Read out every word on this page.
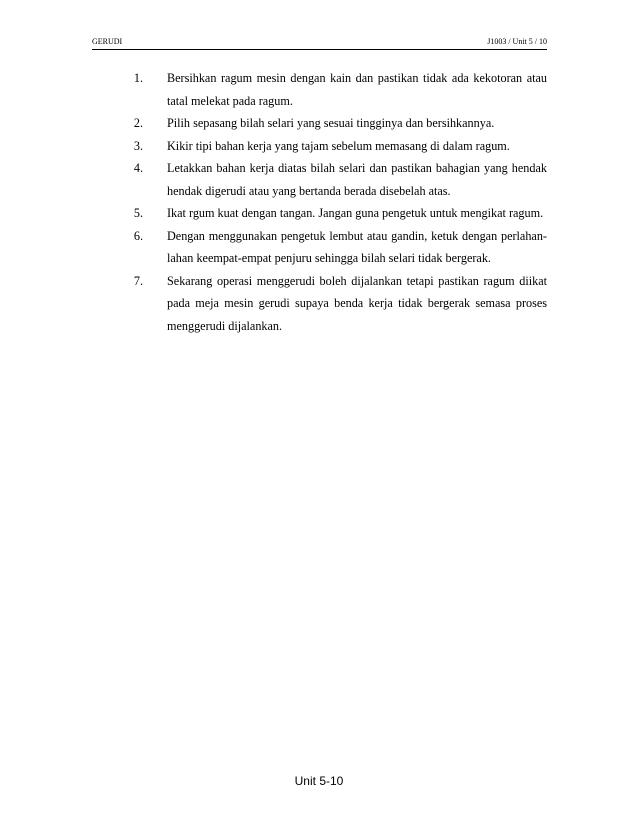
GERUDI	J1003 / Unit 5 / 10
1.	Bersihkan ragum mesin dengan kain dan pastikan tidak ada kekotoran atau tatal melekat pada ragum.
2.	Pilih sepasang bilah selari yang sesuai tingginya dan bersihkannya.
3.	Kikir tipi bahan kerja yang tajam sebelum memasang di dalam ragum.
4.	Letakkan bahan kerja diatas bilah selari dan pastikan bahagian yang hendak hendak digerudi atau yang bertanda berada disebelah atas.
5.	Ikat rgum kuat dengan tangan. Jangan guna pengetuk untuk mengikat ragum.
6.	Dengan menggunakan pengetuk lembut atau gandin, ketuk dengan perlahan-lahan keempat-empat penjuru sehingga bilah selari tidak bergerak.
7.	Sekarang operasi menggerudi boleh dijalankan tetapi pastikan ragum diikat pada meja mesin gerudi supaya benda kerja tidak bergerak semasa proses menggerudi dijalankan.
Unit 5-10
